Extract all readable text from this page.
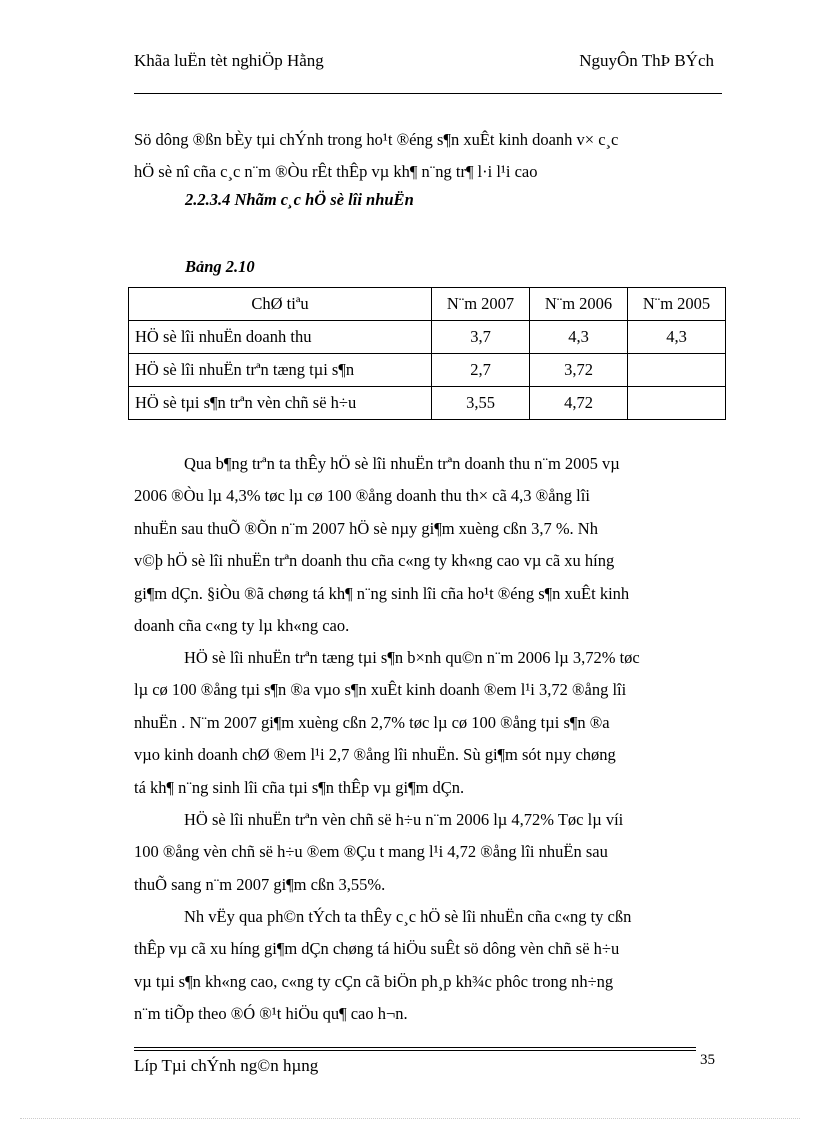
Khãa luËn tèt nghiÖp Hằng	NguyÔn ThÞ BÝch

Sö dông ®ßn bÈy tµi chÝnh trong ho¹t ®éng s¶n xuÊt kinh doanh v× c¸c
hÖ sè nî cña c¸c n¨m ®Òu rÊt thÊp vµ kh¶ n¨ng tr¶ l·i l¹i cao

2.2.3.4 Nhãm c¸c hÖ sè lîi nhuËn
Bảng 2.10
ChØ tiªu	N¨m 2007	N¨m 2006	N¨m 2005
HÖ sè lîi nhuËn doanh thu	3,7	4,3	4,3
HÖ sè lîi nhuËn trªn tæng tµi s¶n	2,7	3,72	
HÖ sè tµi s¶n trªn vèn chñ së h÷u	3,55	4,72	

Qua b¶ng trªn ta thÊy hÖ sè lîi nhuËn trªn doanh thu n¨m 2005 vµ
2006 ®Òu lµ 4,3% tøc lµ cø 100 ®ång doanh thu th× cã 4,3 ®ång lîi
nhuËn sau thuÕ ®Õn n¨m 2007 hÖ sè nµy gi¶m xuèng cßn 3,7 %. Nh
v©þ hÖ sè lîi nhuËn trªn doanh thu cña c«ng ty kh«ng cao vµ cã xu híng
gi¶m dÇn. §iÒu ®ã chøng tá kh¶ n¨ng sinh lîi cña ho¹t ®éng s¶n xuÊt kinh
doanh cña c«ng ty lµ kh«ng cao.

HÖ sè lîi nhuËn trªn tæng tµi s¶n b×nh qu©n n¨m 2006 lµ 3,72% tøc
lµ cø 100 ®ång tµi s¶n ®a vµo s¶n xuÊt kinh doanh ®em l¹i 3,72 ®ång lîi
nhuËn . N¨m 2007 gi¶m xuèng cßn 2,7% tøc lµ cø 100 ®ång tµi s¶n ®a
vµo kinh doanh chØ ®em l¹i 2,7 ®ång lîi nhuËn. Sù gi¶m sót nµy chøng
tá kh¶ n¨ng sinh lîi cña tµi s¶n thÊp vµ gi¶m dÇn.

HÖ sè lîi nhuËn trªn vèn chñ së h÷u n¨m 2006 lµ 4,72% Tøc lµ víi
100 ®ång vèn chñ së h÷u ®em ®Çu t mang l¹i 4,72 ®ång lîi nhuËn sau
thuÕ sang n¨m 2007 gi¶m cßn 3,55%.

Nh vËy qua ph©n tÝch ta thÊy c¸c hÖ sè lîi nhuËn cña c«ng ty cßn
thÊp vµ cã xu híng gi¶m dÇn chøng tá hiÖu suÊt sö dông vèn chñ së h÷u
vµ tµi s¶n kh«ng cao, c«ng ty cÇn cã biÖn ph¸p kh¾c phôc trong nh÷ng
n¨m tiÕp theo ®Ó ®¹t hiÖu qu¶ cao h¬n.

Líp Tµi chÝnh ng©n hµng	35
